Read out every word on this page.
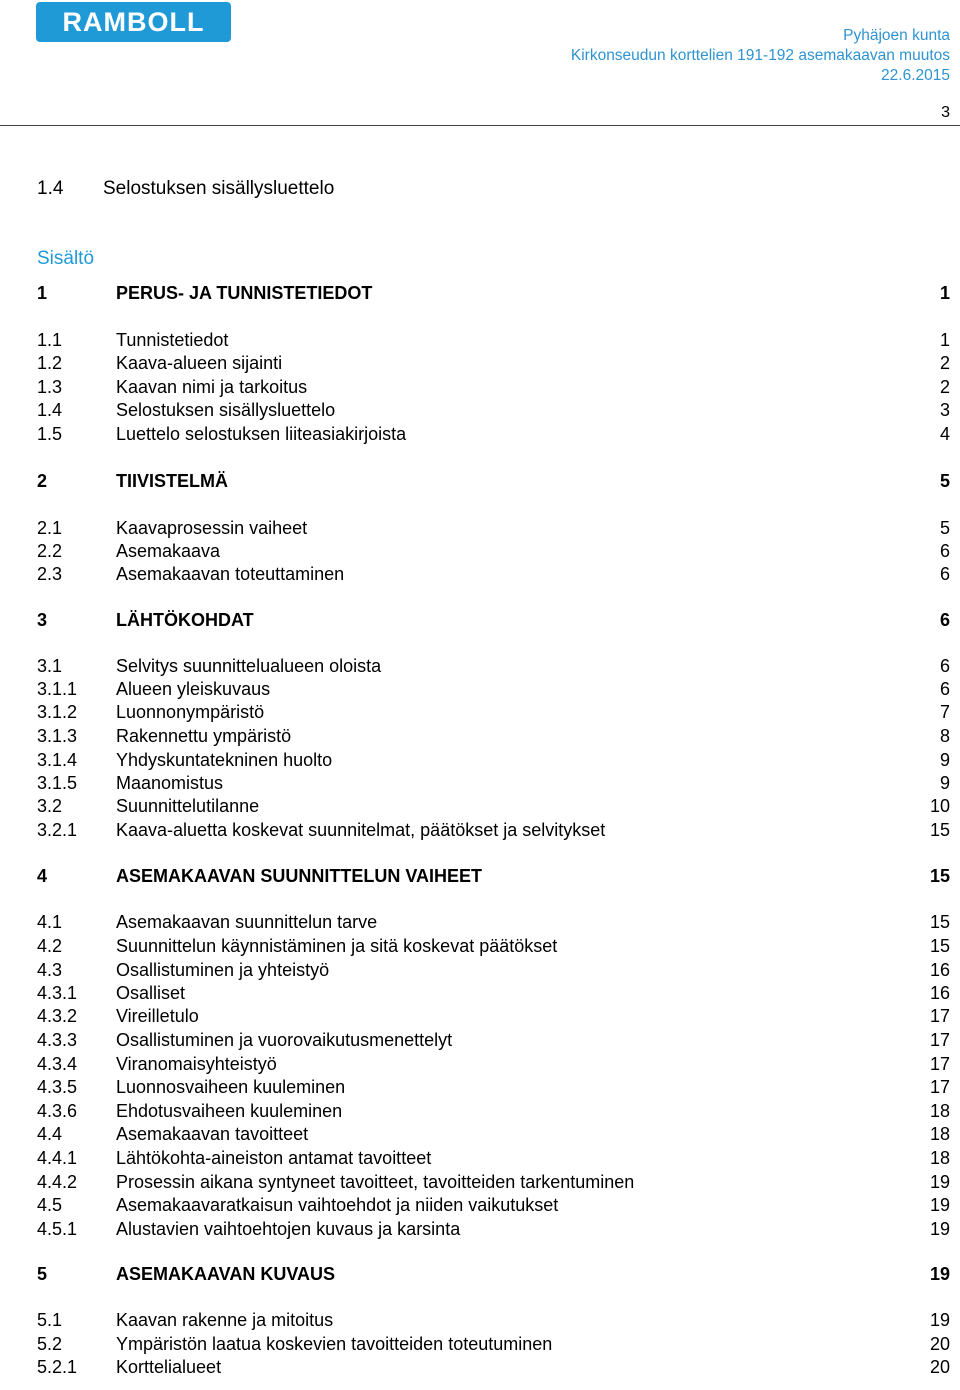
RAMBOLL	Pyhäjoen kunta
Kirkonseudun korttelien 191-192 asemakaavan muutos
22.6.2015
3
1.4 Selostuksen sisällysluettelo
Sisältö
1	PERUS- JA TUNNISTETIEDOT	1
1.1	Tunnistetiedot	1
1.2	Kaava-alueen sijainti	2
1.3	Kaavan nimi ja tarkoitus	2
1.4	Selostuksen sisällysluettelo	3
1.5	Luettelo selostuksen liiteasiakirjoista	4
2	TIIVISTELMÄ	5
2.1	Kaavaprosessin vaiheet	5
2.2	Asemakaava	6
2.3	Asemakaavan toteuttaminen	6
3	LÄHTÖKOHDAT	6
3.1	Selvitys suunnittelualueen oloista	6
3.1.1 Alueen yleiskuvaus	6
3.1.2 Luonnonympäristö	7
3.1.3 Rakennettu ympäristö	8
3.1.4 Yhdyskuntatekninen huolto	9
3.1.5 Maanomistus	9
3.2	Suunnittelutilanne	10
3.2.1 Kaava-aluetta koskevat suunnitelmat, päätökset ja selvitykset	15
4	ASEMAKAAVAN SUUNNITTELUN VAIHEET	15
4.1	Asemakaavan suunnittelun tarve	15
4.2	Suunnittelun käynnistäminen ja sitä koskevat päätökset	15
4.3	Osallistuminen ja yhteistyö	16
4.3.1 Osalliset	16
4.3.2 Vireilletulo	17
4.3.3 Osallistuminen ja vuorovaikutusmenettelyt	17
4.3.4 Viranomaisyhteistyö	17
4.3.5 Luonnosvaiheen kuuleminen	17
4.3.6 Ehdotusvaiheen kuuleminen	18
4.4	Asemakaavan tavoitteet	18
4.4.1 Lähtökohta-aineiston antamat tavoitteet	18
4.4.2 Prosessin aikana syntyneet tavoitteet, tavoitteiden tarkentuminen	19
4.5	Asemakaavaratkaisun vaihtoehdot ja niiden vaikutukset	19
4.5.1 Alustavien vaihtoehtojen kuvaus ja karsinta	19
5	ASEMAKAAVAN KUVAUS	19
5.1	Kaavan rakenne ja mitoitus	19
5.2	Ympäristön laatua koskevien tavoitteiden toteutuminen	20
5.2.1 Korttelialueet	20
